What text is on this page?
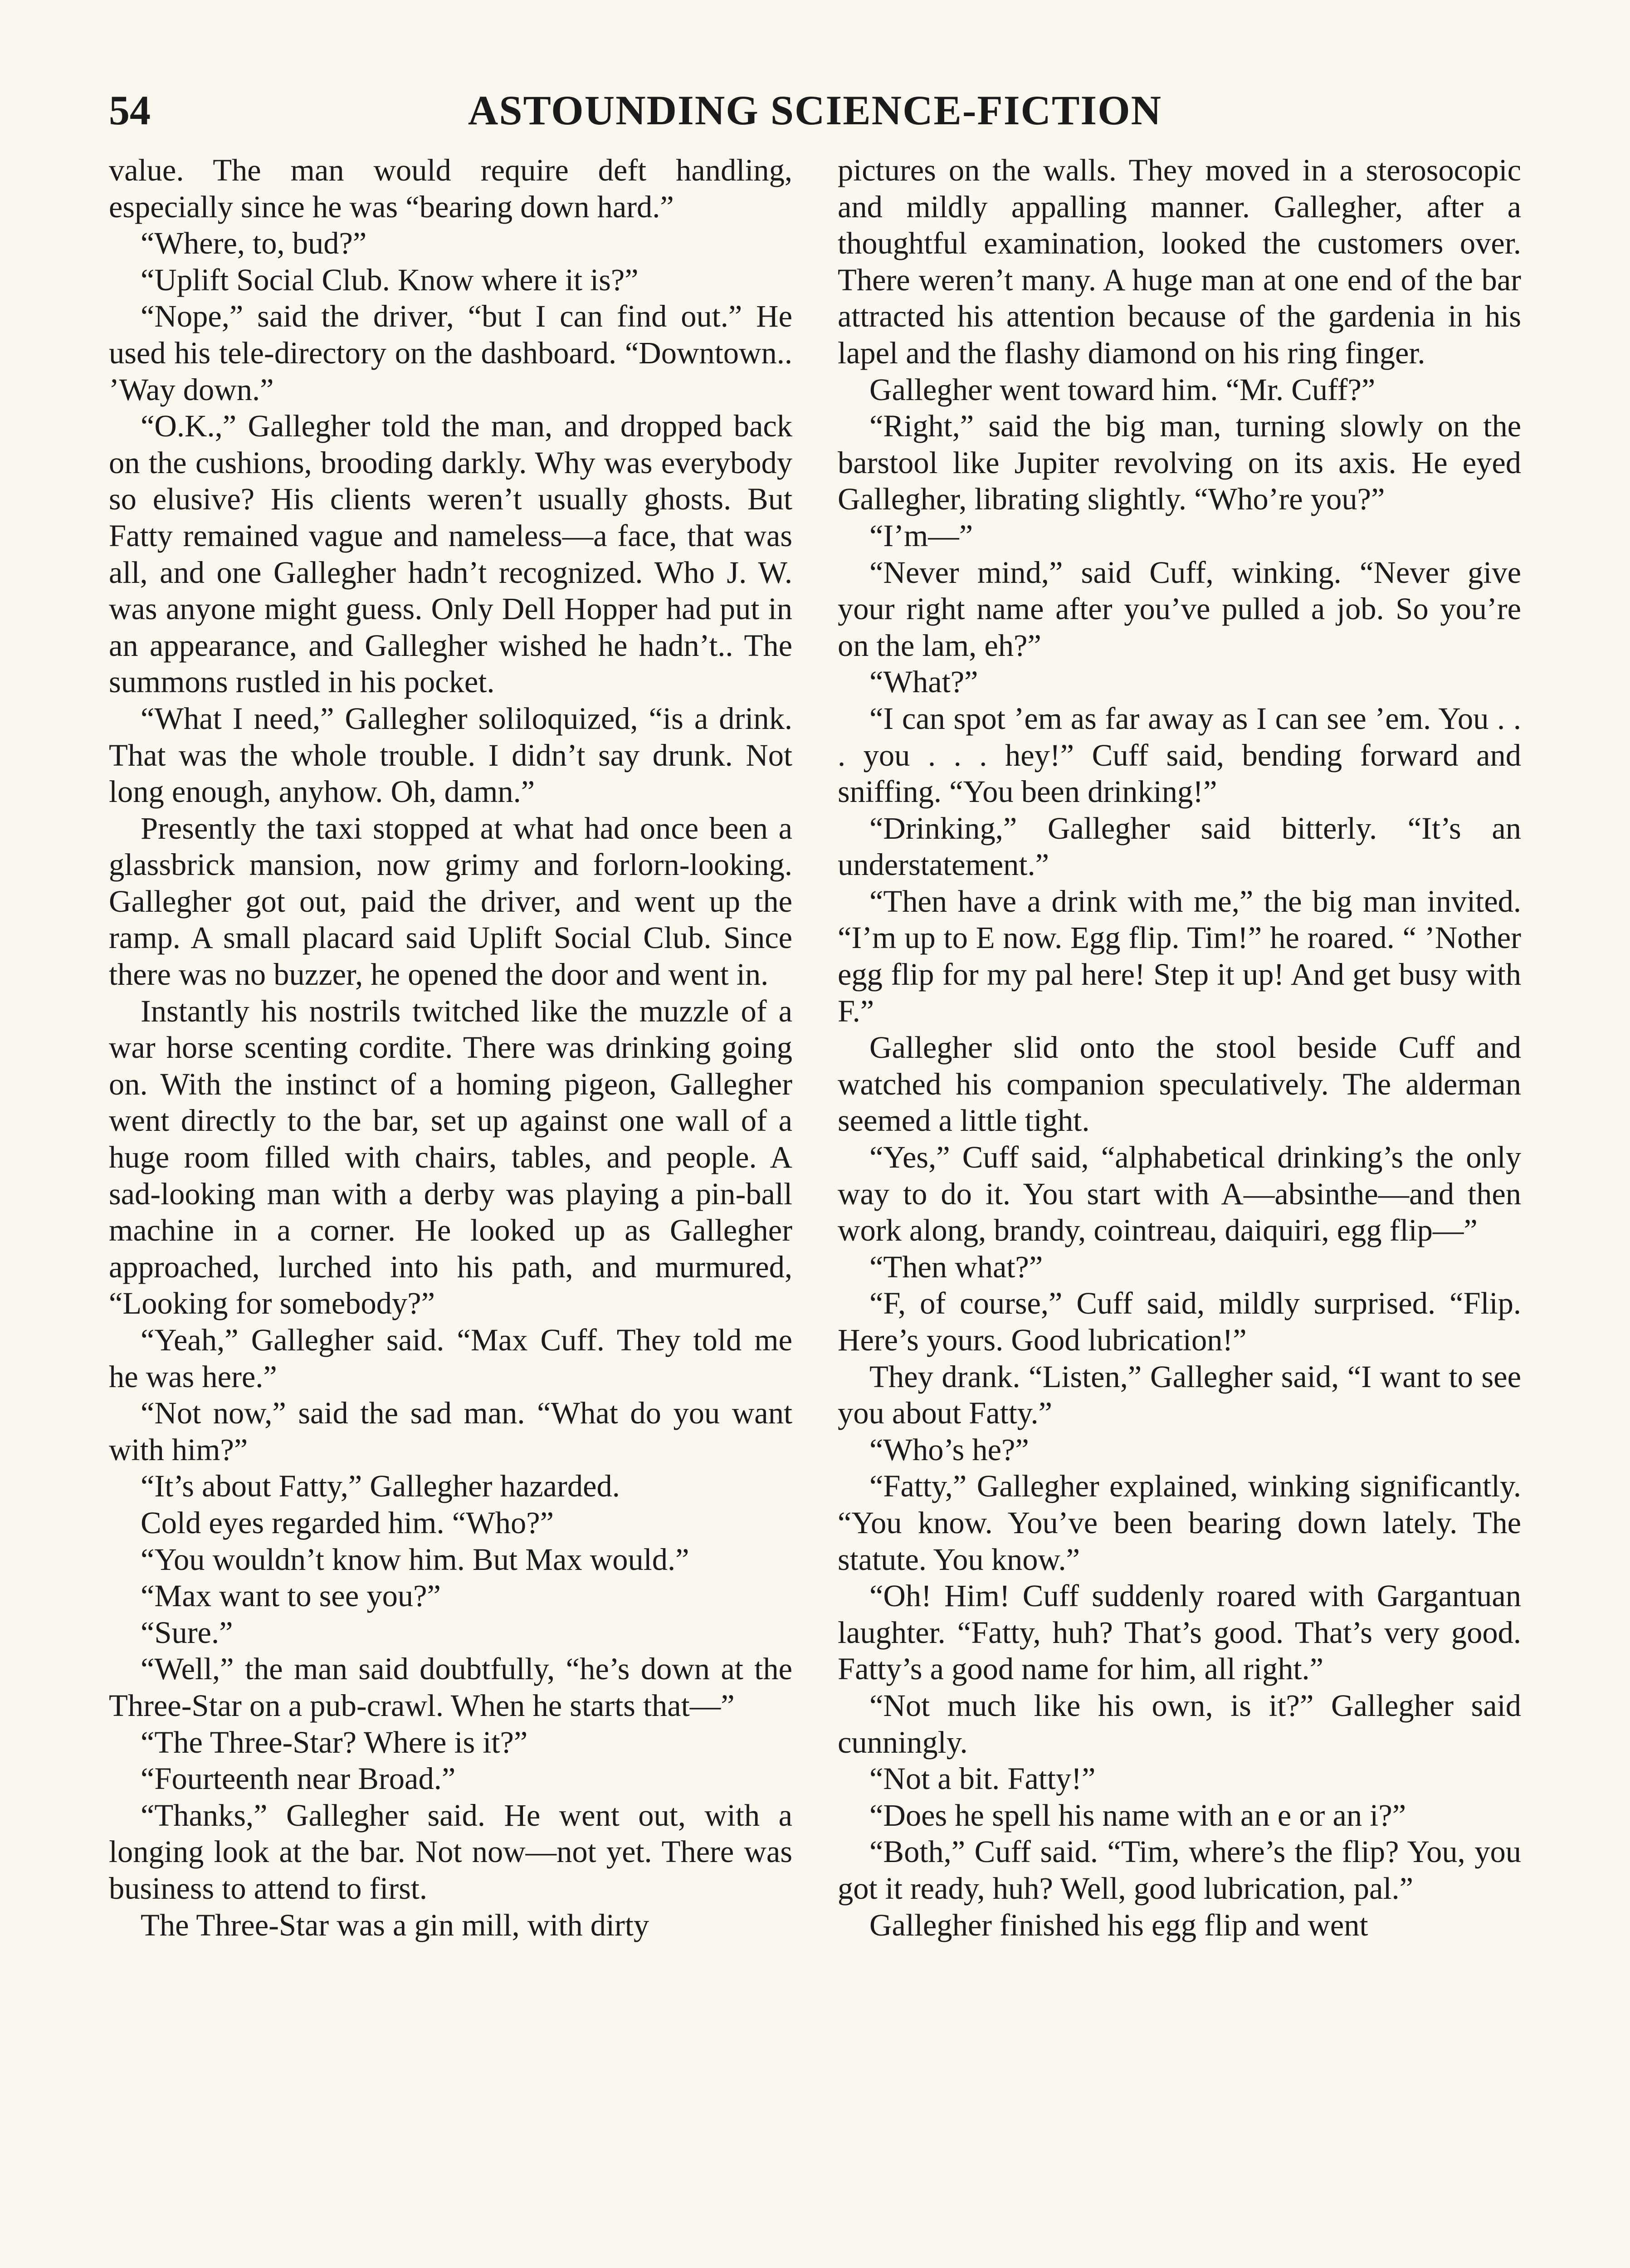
54	ASTOUNDING SCIENCE-FICTION

value. The man would require deft handling, especially since he was “bearing down hard.”

“Where, to, bud?”

“Uplift Social Club. Know where it is?”

“Nope,” said the driver, “but I can find out.” He used his tele-directory on the dashboard. “Downtown.. ’Way down.”

“O.K.,” Gallegher told the man, and dropped back on the cushions, brooding darkly. Why was everybody so elusive? His clients weren’t usually ghosts. But Fatty remained vague and nameless—a face, that was all, and one Gallegher hadn’t recognized. Who J. W. was anyone might guess. Only Dell Hopper had put in an appearance, and Gallegher wished he hadn’t.. The summons rustled in his pocket.

“What I need,” Gallegher soliloquized, “is a drink. That was the whole trouble. I didn’t say drunk. Not long enough, anyhow. Oh, damn.”

Presently the taxi stopped at what had once been a glassbrick mansion, now grimy and forlorn-looking. Gallegher got out, paid the driver, and went up the ramp. A small placard said Uplift Social Club. Since there was no buzzer, he opened the door and went in.

Instantly his nostrils twitched like the muzzle of a war horse scenting cordite. There was drinking going on. With the instinct of a homing pigeon, Gallegher went directly to the bar, set up against one wall of a huge room filled with chairs, tables, and people. A sad-looking man with a derby was playing a pin-ball machine in a corner. He looked up as Gallegher approached, lurched into his path, and murmured, “Looking for somebody?”

“Yeah,” Gallegher said. “Max Cuff. They told me he was here.”

“Not now,” said the sad man. “What do you want with him?”

“It’s about Fatty,” Gallegher hazarded.

Cold eyes regarded him. “Who?”

“You wouldn’t know him. But Max would.”

“Max want to see you?”

“Sure.”

“Well,” the man said doubtfully, “he’s down at the Three-Star on a pub-crawl. When he starts that—”

“The Three-Star? Where is it?”

“Fourteenth near Broad.”

“Thanks,” Gallegher said. He went out, with a longing look at the bar. Not now—not yet. There was business to attend to first.

The Three-Star was a gin mill, with dirty

pictures on the walls. They moved in a sterosocopic and mildly appalling manner. Gallegher, after a thoughtful examination, looked the customers over. There weren’t many. A huge man at one end of the bar attracted his attention because of the gardenia in his lapel and the flashy diamond on his ring finger.

Gallegher went toward him. “Mr. Cuff?”

“Right,” said the big man, turning slowly on the barstool like Jupiter revolving on its axis. He eyed Gallegher, librating slightly. “Who’re you?”

“I’m—”

“Never mind,” said Cuff, winking. “Never give your right name after you’ve pulled a job. So you’re on the lam, eh?”

“What?”

“I can spot ’em as far away as I can see ’em. You . . . you . . . hey!” Cuff said, bending forward and sniffing. “You been drinking!”

“Drinking,” Gallegher said bitterly. “It’s an understatement.”

“Then have a drink with me,” the big man invited. “I’m up to E now. Egg flip. Tim!” he roared. “ ’Nother egg flip for my pal here! Step it up! And get busy with F.”

Gallegher slid onto the stool beside Cuff and watched his companion speculatively. The alderman seemed a little tight.

“Yes,” Cuff said, “alphabetical drinking’s the only way to do it. You start with A—absinthe—and then work along, brandy, cointreau, daiquiri, egg flip—”

“Then what?”

“F, of course,” Cuff said, mildly surprised. “Flip. Here’s yours. Good lubrication!”

They drank. “Listen,” Gallegher said, “I want to see you about Fatty.”

“Who’s he?”

“Fatty,” Gallegher explained, winking significantly. “You know. You’ve been bearing down lately. The statute. You know.”

“Oh! Him! Cuff suddenly roared with Gargantuan laughter. “Fatty, huh? That’s good. That’s very good. Fatty’s a good name for him, all right.”

“Not much like his own, is it?” Gallegher said cunningly.

“Not a bit. Fatty!”

“Does he spell his name with an e or an i?”

“Both,” Cuff said. “Tim, where’s the flip? You, you got it ready, huh? Well, good lubrication, pal.”

Gallegher finished his egg flip and went
